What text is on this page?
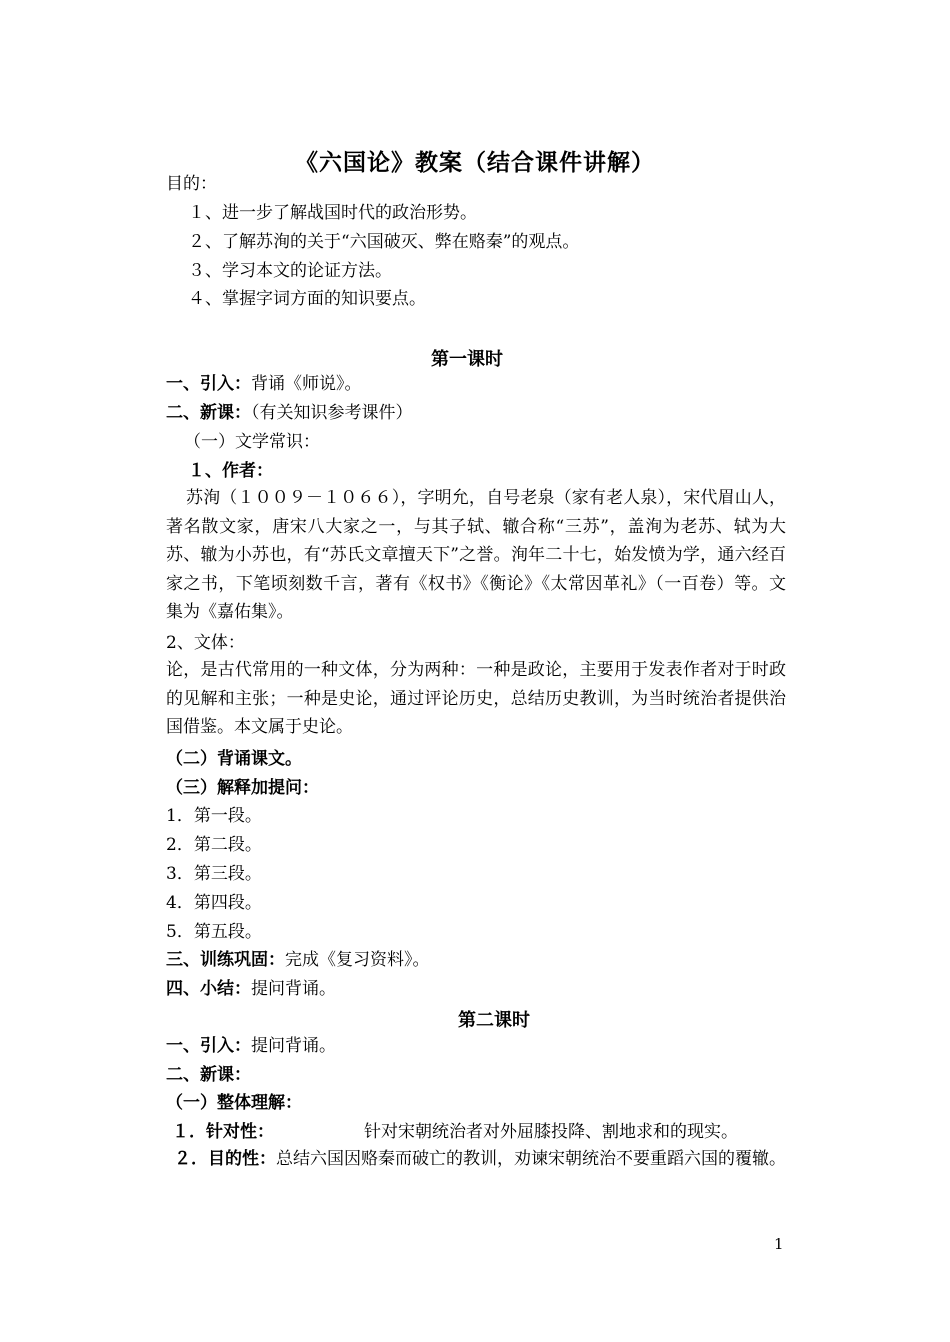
《六国论》教案（结合课件讲解）
目的：
１、进一步了解战国时代的政治形势。
２、了解苏洵的关于“六国破灭、弊在赂秦”的观点。
３、学习本文的论证方法。
４、掌握字词方面的知识要点。
第一课时
一、引入：背诵《师说》。
二、新课：（有关知识参考课件）
（一）文学常识：
１、作者：
苏洵（１００９－１０６６），字明允，自号老泉（家有老人泉），宋代眉山人，著名散文家，唐宋八大家之一，与其子轼、辙合称“三苏”，盖洵为老苏、轼为大苏、辙为小苏也，有“苏氏文章擅天下”之誉。洵年二十七，始发愤为学，通六经百家之书，下笔顷刻数千言，著有《权书》《衡论》《太常因革礼》（一百卷）等。文集为《嘉佑集》。
2、文体：
论，是古代常用的一种文体，分为两种：一种是政论，主要用于发表作者对于时政的见解和主张；一种是史论，通过评论历史，总结历史教训，为当时统治者提供治国借鉴。本文属于史论。
（二）背诵课文。
（三）解释加提问：
1．第一段。
2．第二段。
3．第三段。
4．第四段。
5．第五段。
三、训练巩固：完成《复习资料》。
四、小结：提问背诵。
第二课时
一、引入：提问背诵。
二、新课：
（一）整体理解：
１．针对性：	针对宋朝统治者对外屈膝投降、割地求和的现实。
２．目的性：总结六国因赂秦而破亡的教训，劝谏宋朝统治不要重蹈六国的覆辙。
1
